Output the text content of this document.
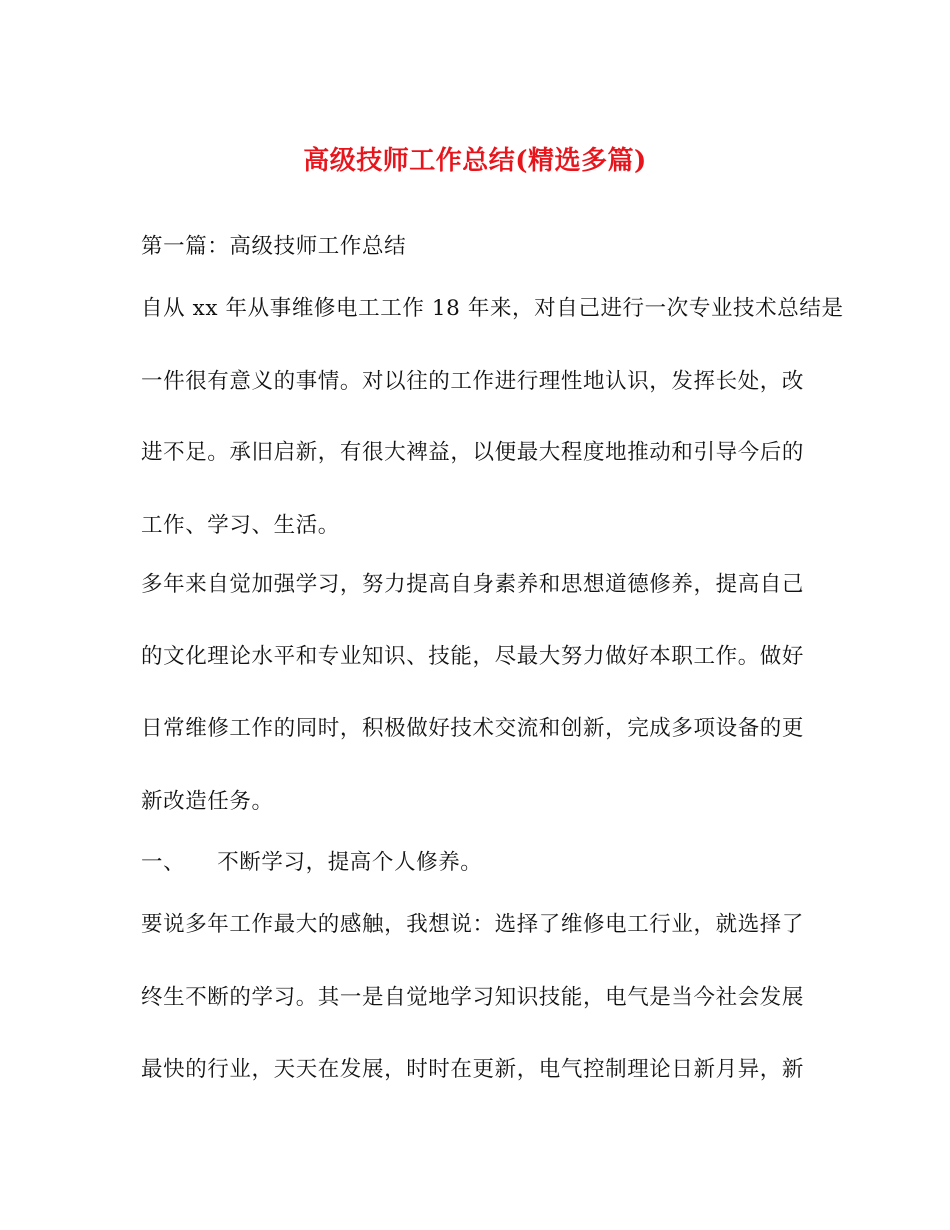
高级技师工作总结(精选多篇)
第一篇：高级技师工作总结
自从 xx 年从事维修电工工作 18 年来，对自己进行一次专业技术总结是
一件很有意义的事情。对以往的工作进行理性地认识，发挥长处，改
进不足。承旧启新，有很大裨益，以便最大程度地推动和引导今后的
工作、学习、生活。
多年来自觉加强学习，努力提高自身素养和思想道德修养，提高自己
的文化理论水平和专业知识、技能，尽最大努力做好本职工作。做好
日常维修工作的同时，积极做好技术交流和创新，完成多项设备的更
新改造任务。
一、 不断学习，提高个人修养。
要说多年工作最大的感触，我想说：选择了维修电工行业，就选择了
终生不断的学习。其一是自觉地学习知识技能，电气是当今社会发展
最快的行业，天天在发展，时时在更新，电气控制理论日新月异，新
